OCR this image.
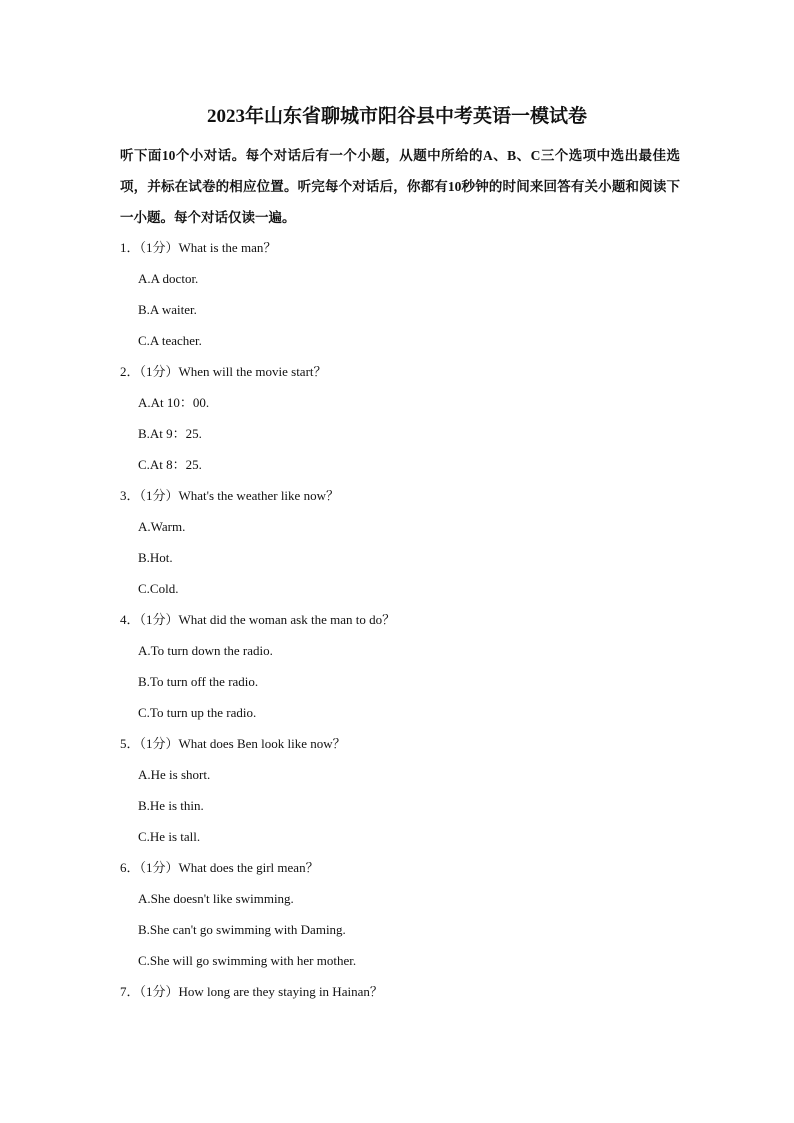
2023年山东省聊城市阳谷县中考英语一模试卷
听下面10个小对话。每个对话后有一个小题，从题中所给的A、B、C三个选项中选出最佳选项，并标在试卷的相应位置。听完每个对话后，你都有10秒钟的时间来回答有关小题和阅读下一小题。每个对话仅读一遍。
1．（1分）What is the man？
A.A doctor.
B.A waiter.
C.A teacher.
2．（1分）When will the movie start？
A.At 10：00.
B.At 9：25.
C.At 8：25.
3．（1分）What's the weather like now？
A.Warm.
B.Hot.
C.Cold.
4．（1分）What did the woman ask the man to do？
A.To turn down the radio.
B.To turn off the radio.
C.To turn up the radio.
5．（1分）What does Ben look like now？
A.He is short.
B.He is thin.
C.He is tall.
6．（1分）What does the girl mean？
A.She doesn't like swimming.
B.She can't go swimming with Daming.
C.She will go swimming with her mother.
7．（1分）How long are they staying in Hainan？
